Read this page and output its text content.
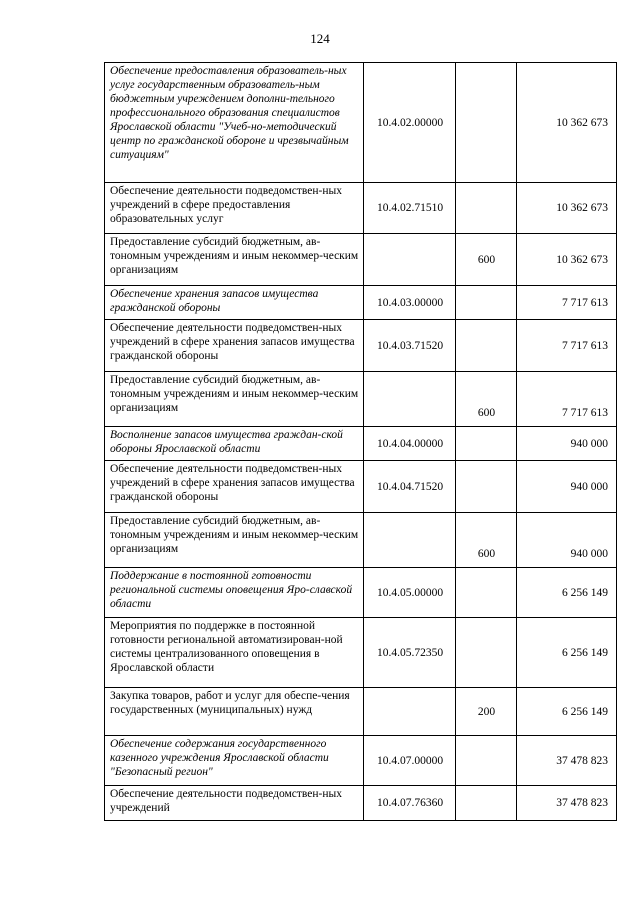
124
Обеспечение предоставления образователь-ных услуг государственным образователь-ным бюджетным учреждением дополни-тельного профессионального образования специалистов Ярославской области "Учеб-но-методический центр по гражданской обороне и чрезвычайным ситуациям"	10.4.02.00000		10 362 673
Обеспечение деятельности подведомствен-ных учреждений в сфере предоставления образовательных услуг	10.4.02.71510		10 362 673
Предоставление субсидий бюджетным, ав-тономным учреждениям и иным некоммер-ческим организациям		600	10 362 673
Обеспечение хранения запасов имущества гражданской обороны	10.4.03.00000		7 717 613
Обеспечение деятельности подведомствен-ных учреждений в сфере хранения запасов имущества гражданской обороны	10.4.03.71520		7 717 613
Предоставление субсидий бюджетным, ав-тономным учреждениям и иным некоммер-ческим организациям		600	7 717 613
Восполнение запасов имущества граждан-ской обороны Ярославской области	10.4.04.00000		940 000
Обеспечение деятельности подведомствен-ных учреждений в сфере хранения запасов имущества гражданской обороны	10.4.04.71520		940 000
Предоставление субсидий бюджетным, ав-тономным учреждениям и иным некоммер-ческим организациям		600	940 000
Поддержание в постоянной готовности региональной системы оповещения Яро-славской области	10.4.05.00000		6 256 149
Мероприятия по поддержке в постоянной готовности региональной автоматизирован-ной системы централизованного оповещения в Ярославской области	10.4.05.72350		6 256 149
Закупка товаров, работ и услуг для обеспе-чения государственных (муниципальных) нужд		200	6 256 149
Обеспечение содержания государственного казенного учреждения Ярославской области "Безопасный регион"	10.4.07.00000		37 478 823
Обеспечение деятельности подведомствен-ных учреждений	10.4.07.76360		37 478 823
